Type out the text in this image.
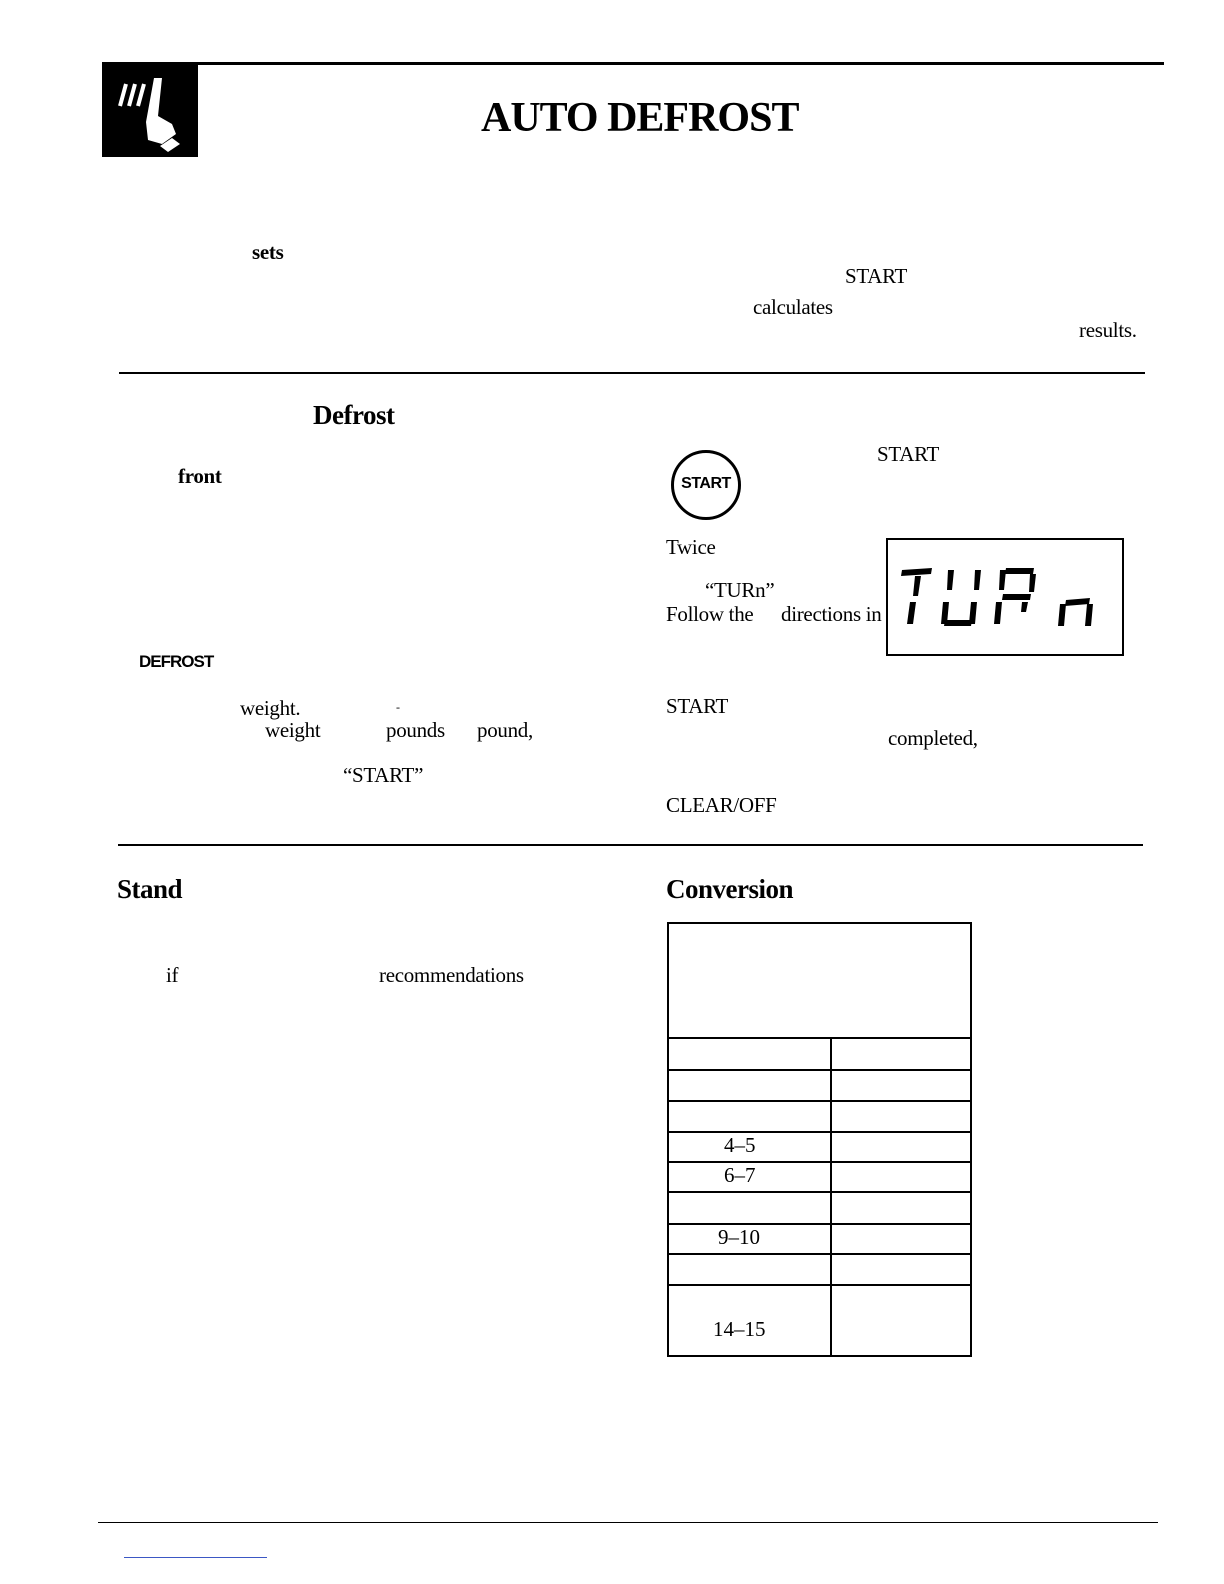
AUTO DEFROST
sets
START
calculates
results.
Defrost
front
DEFROST
weight.	-
weight	pounds pound,
“START”
START
START
Twice
“TURn”
Follow the directions in
START
completed,
CLEAR/OFF
Stand
if	recommendations
Conversion
4–5
6–7
9–10
14–15
